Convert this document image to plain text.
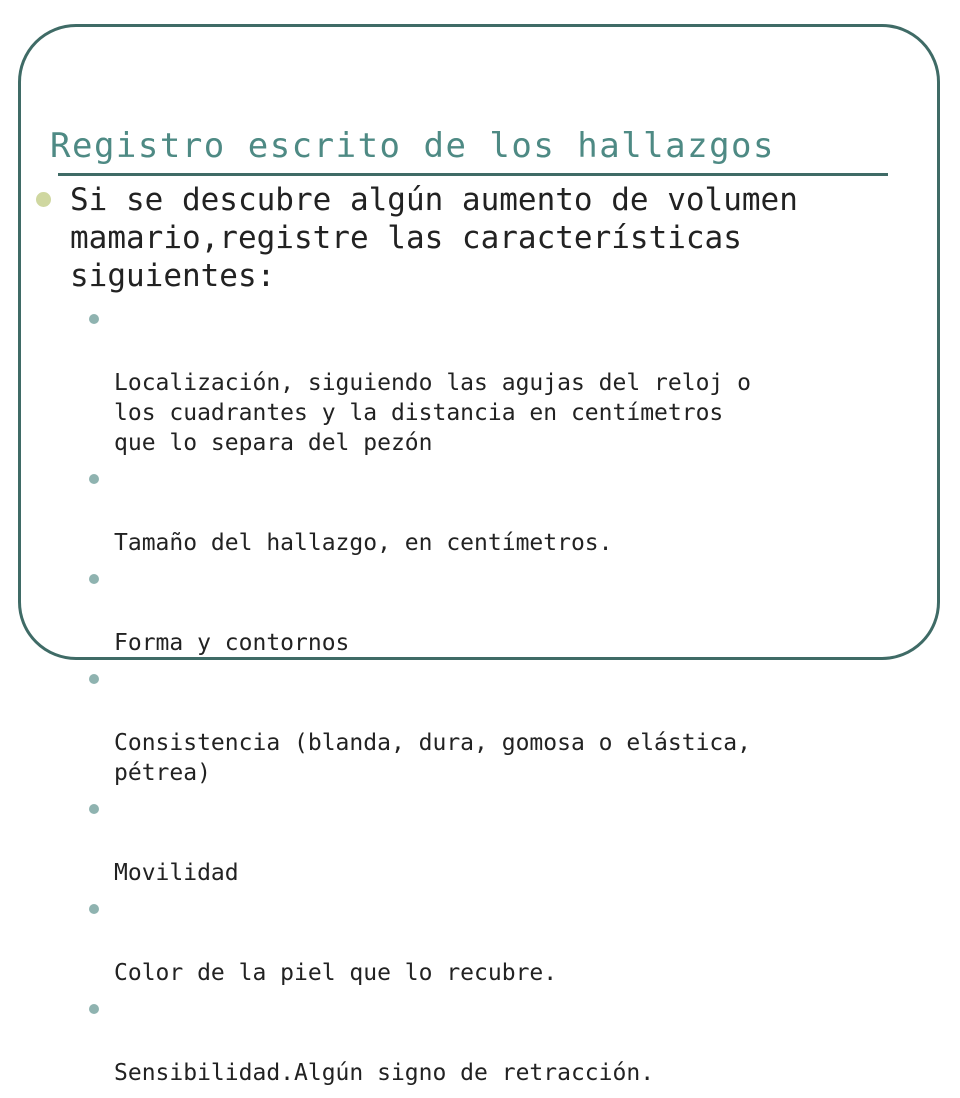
Registro escrito de los hallazgos
Si se descubre algún aumento de volumen
mamario,registre las características
siguientes:

Localización, siguiendo las agujas del reloj o
los cuadrantes y la distancia en centímetros
que lo separa del pezón

Tamaño del hallazgo, en centímetros.

Forma y contornos

Consistencia (blanda, dura, gomosa o elástica,
pétrea)

Movilidad

Color de la piel que lo recubre.

Sensibilidad.Algún signo de retracción.
